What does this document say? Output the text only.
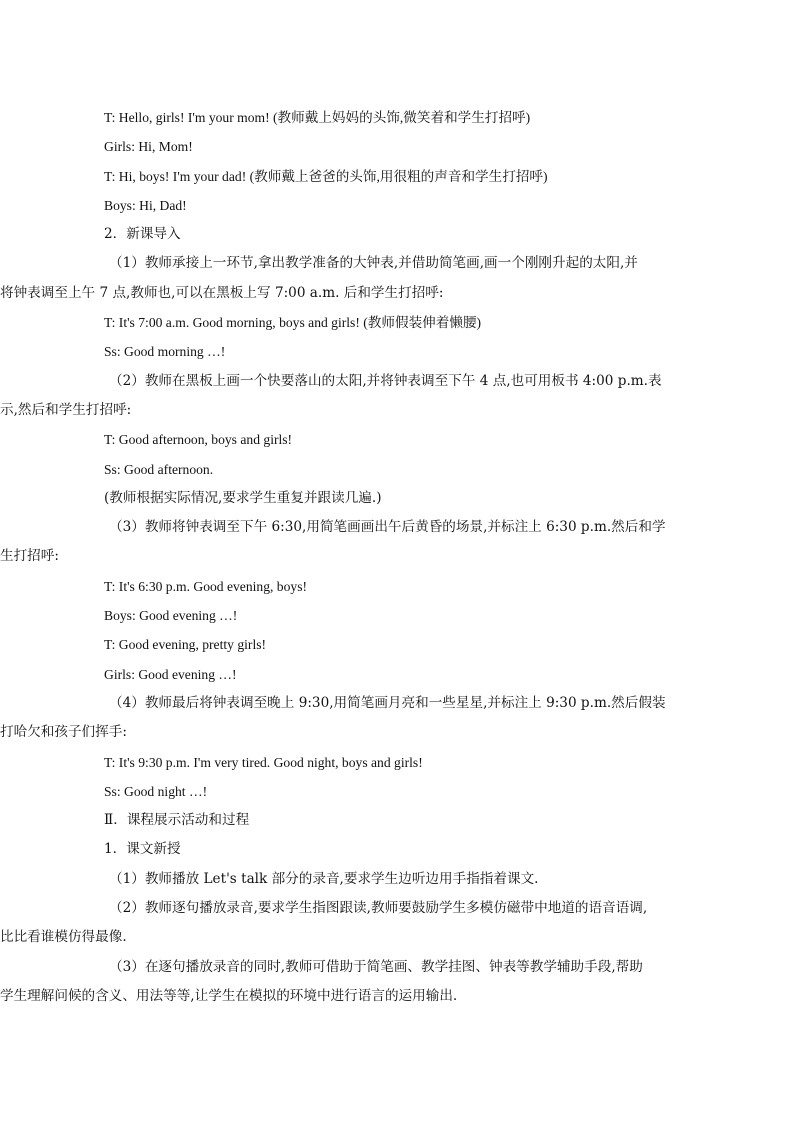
T: Hello, girls! I'm your mom! (教师戴上妈妈的头饰,微笑着和学生打招呼)
Girls: Hi, Mom!
T: Hi, boys! I'm your dad! (教师戴上爸爸的头饰,用很粗的声音和学生打招呼)
Boys: Hi, Dad!
2．新课导入
（1）教师承接上一环节,拿出教学准备的大钟表,并借助简笔画,画一个刚刚升起的太阳,并
将钟表调至上午 7 点,教师也,可以在黑板上写 7:00 a.m. 后和学生打招呼:
T: It's 7:00 a.m. Good morning, boys and girls! (教师假装伸着懒腰)
Ss: Good morning …!
（2）教师在黑板上画一个快要落山的太阳,并将钟表调至下午 4 点,也可用板书 4:00 p.m.表
示,然后和学生打招呼:
T: Good afternoon, boys and girls!
Ss: Good afternoon.
(教师根据实际情况,要求学生重复并跟读几遍.)
（3）教师将钟表调至下午 6:30,用简笔画画出午后黄昏的场景,并标注上 6:30 p.m.然后和学
生打招呼:
T: It's 6:30 p.m. Good evening, boys!
Boys: Good evening …!
T: Good evening, pretty girls!
Girls: Good evening …!
（4）教师最后将钟表调至晚上 9:30,用简笔画月亮和一些星星,并标注上 9:30 p.m.然后假装
打哈欠和孩子们挥手:
T: It's 9:30 p.m. I'm very tired. Good night, boys and girls!
Ss: Good night …!
Ⅱ．课程展示活动和过程
1．课文新授
（1）教师播放 Let's talk 部分的录音,要求学生边听边用手指指着课文.
（2）教师逐句播放录音,要求学生指图跟读,教师要鼓励学生多模仿磁带中地道的语音语调,
比比看谁模仿得最像.
（3）在逐句播放录音的同时,教师可借助于简笔画、教学挂图、钟表等教学辅助手段,帮助
学生理解问候的含义、用法等等,让学生在模拟的环境中进行语言的运用输出.
